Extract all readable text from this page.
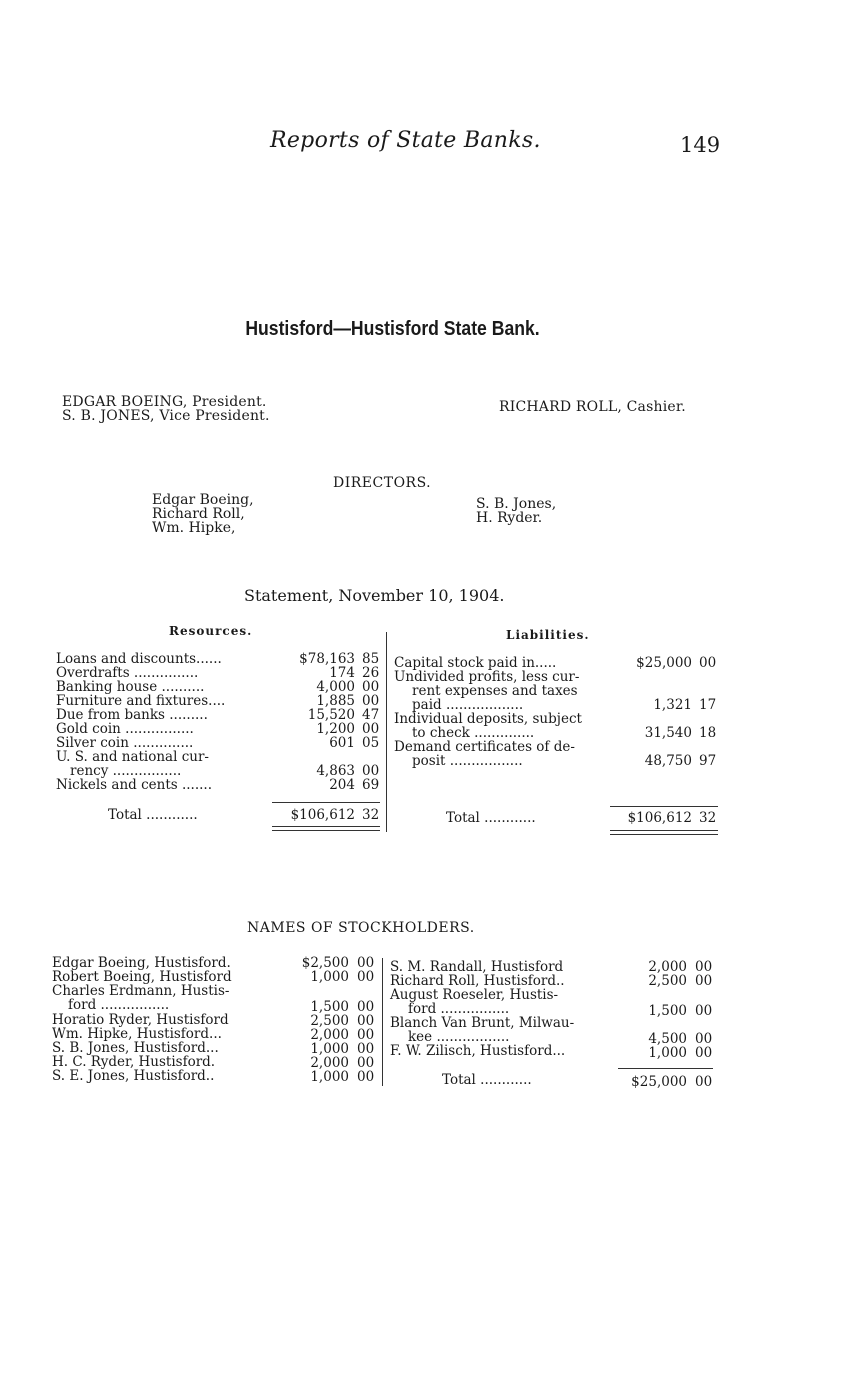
Reports of State Banks.	149
Hustisford—Hustisford State Bank.
EDGAR BOEING, President.
S. B. JONES, Vice President.
RICHARD ROLL, Cashier.
DIRECTORS.
Edgar Boeing,
Richard Roll,
Wm. Hipke,
S. B. Jones,
H. Ryder.
Statement, November 10, 1904.
Resources.	Liabilities.
Loans and discounts......	$78,163 85
Overdrafts ...............	174 26
Banking house ..........	4,000 00
Furniture and fixtures....	1,885 00
Due from banks .........	15,520 47
Gold coin ................	1,200 00
Silver coin ..............	601 05
U. S. and national cur-
rency ................	4,863 00
Nickels and cents .......	204 69
Total ............	$106,612 32
Capital stock paid in.....	$25,000 00
Undivided profits, less cur-
rent expenses and taxes
paid ..................	1,321 17
Individual deposits, subject
to check ..............	31,540 18
Demand certificates of de-
posit .................	48,750 97
Total ............	$106,612 32
NAMES OF STOCKHOLDERS.
Edgar Boeing, Hustisford.	$2,500 00
Robert Boeing, Hustisford	1,000 00
Charles Erdmann, Hustis-
ford ................	1,500 00
Horatio Ryder, Hustisford	2,500 00
Wm. Hipke, Hustisford...	2,000 00
S. B. Jones, Hustisford...	1,000 00
H. C. Ryder, Hustisford.	2,000 00
S. E. Jones, Hustisford..	1,000 00
S. M. Randall, Hustisford	2,000 00
Richard Roll, Hustisford..	2,500 00
August Roeseler, Hustis-
ford ................	1,500 00
Blanch Van Brunt, Milwau-
kee .................	4,500 00
F. W. Zilisch, Hustisford...	1,000 00
Total ............	$25,000 00
